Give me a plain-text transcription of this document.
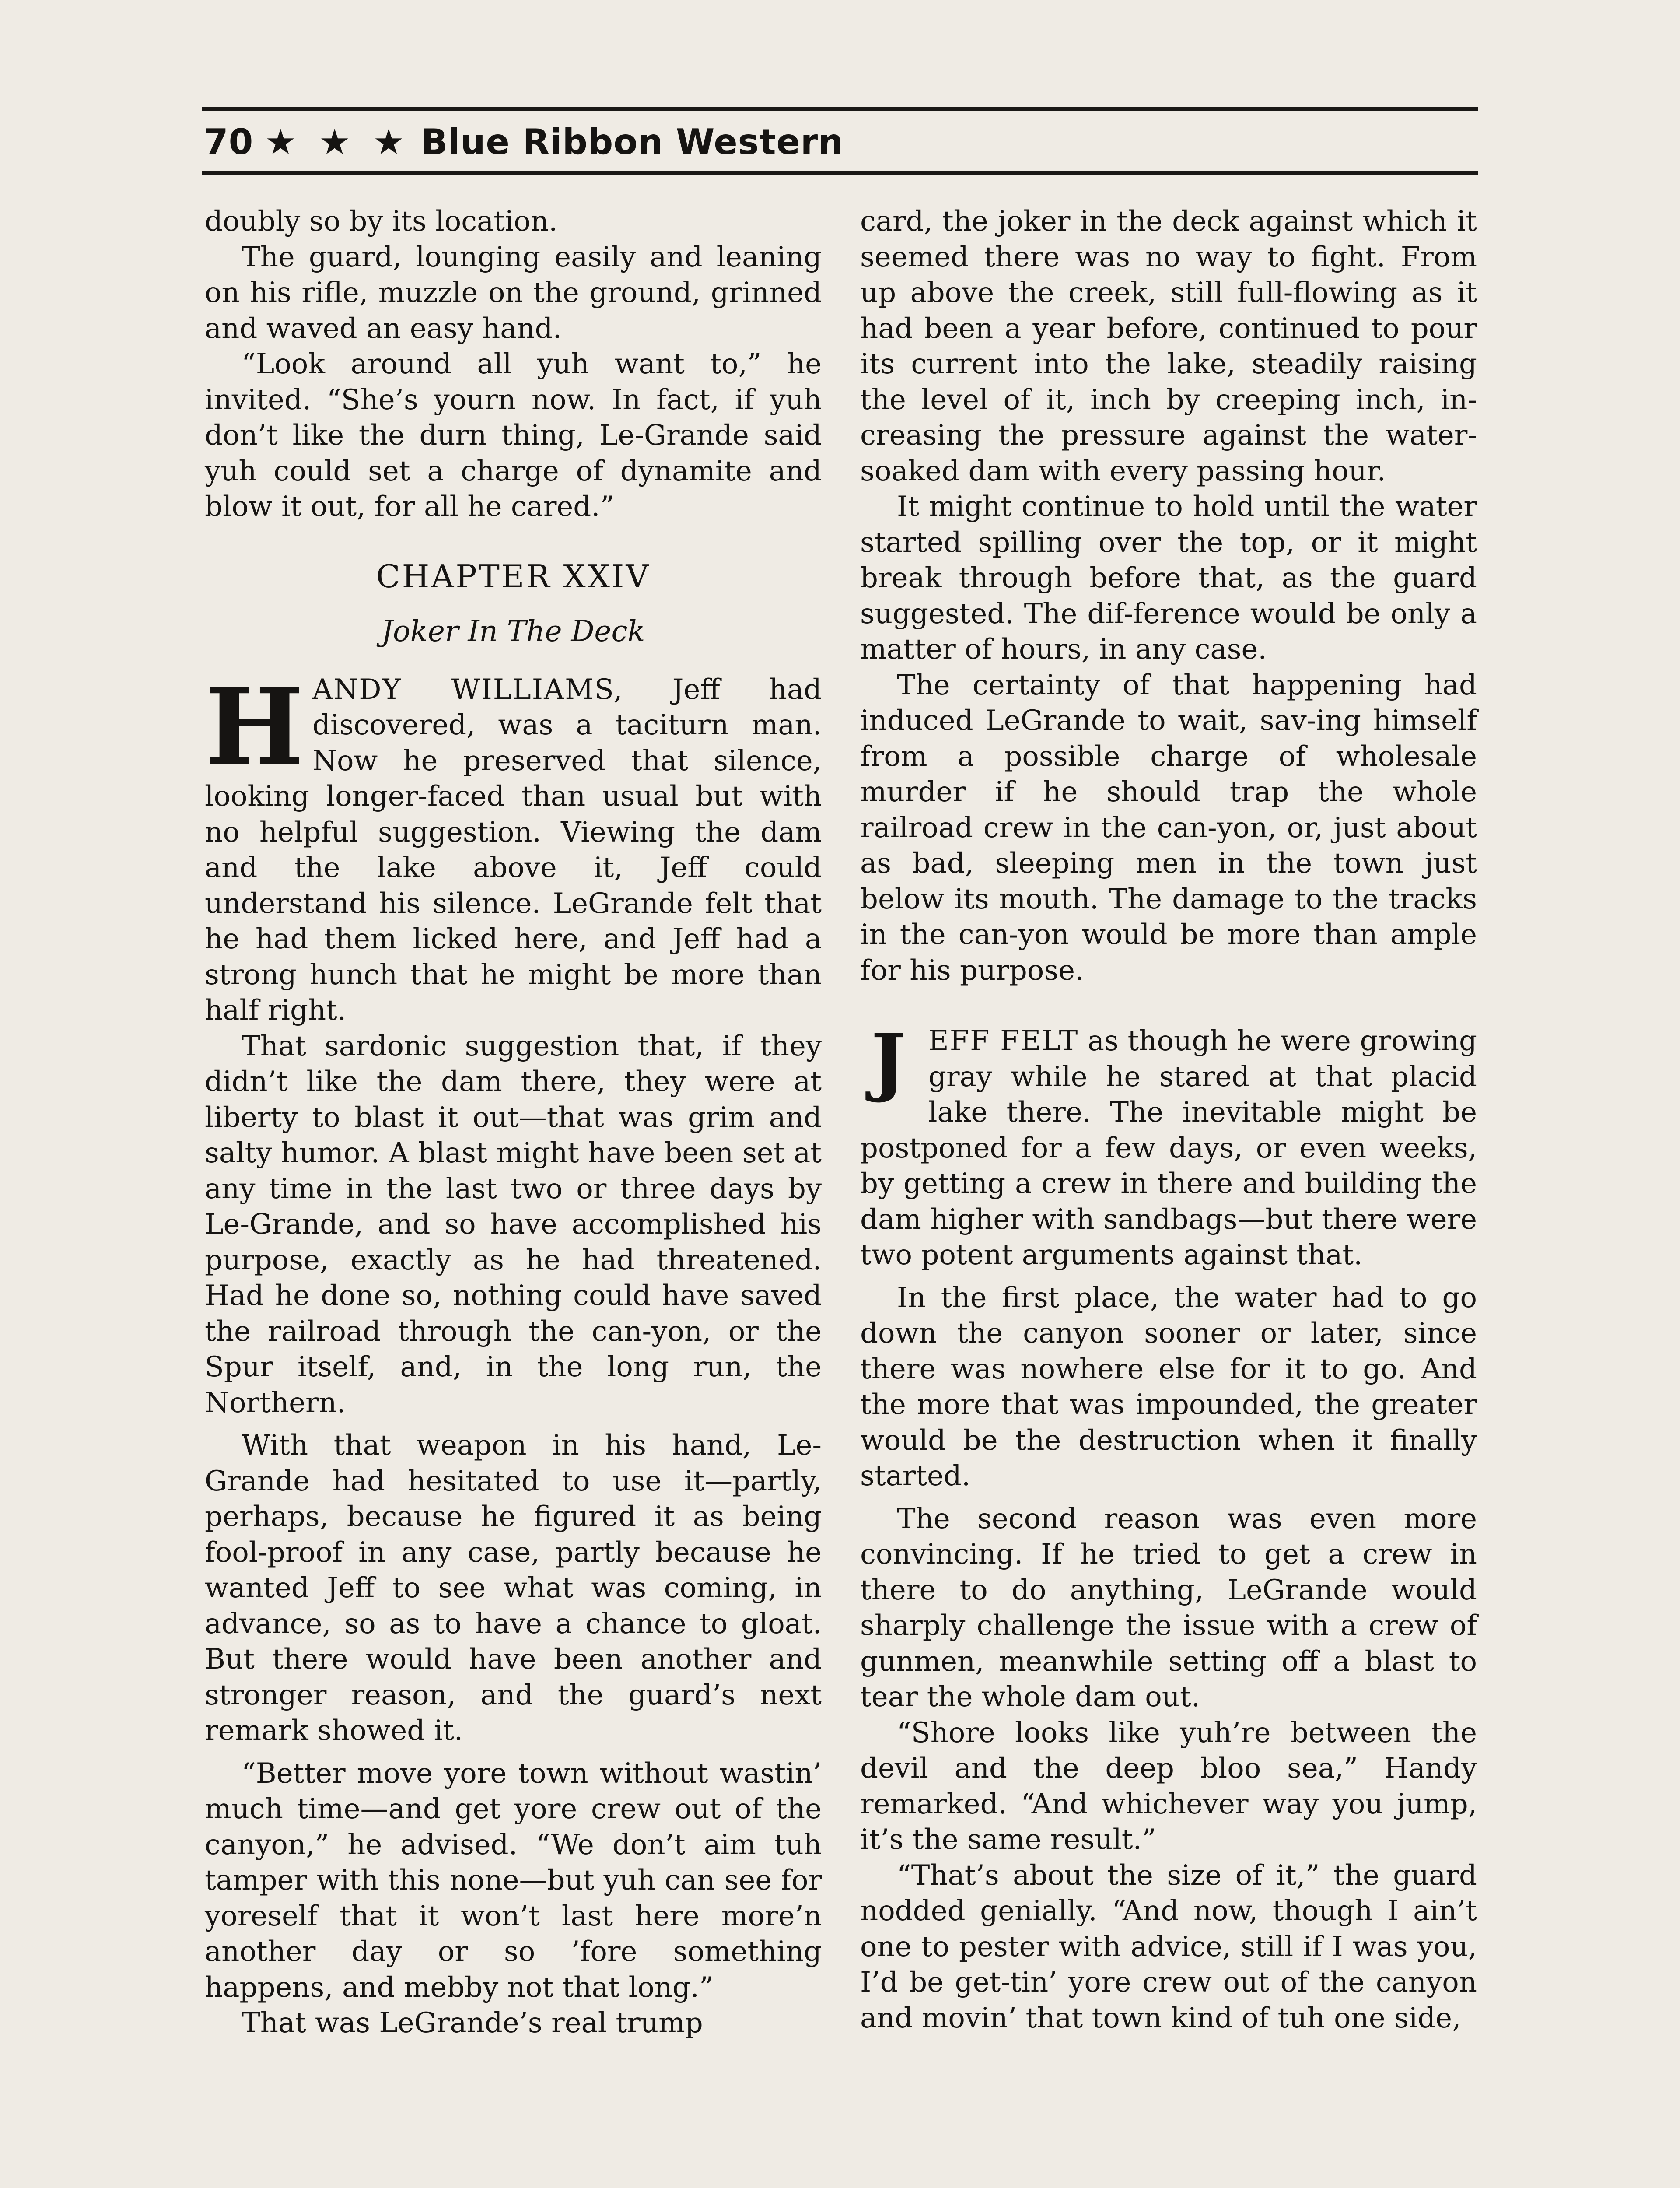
70 ★ ★ ★ Blue Ribbon Western

doubly so by its location.

The guard, lounging easily and leaning on his rifle, muzzle on the ground, grinned and waved an easy hand.

“Look around all yuh want to,” he invited. “She’s yourn now. In fact, if yuh don’t like the durn thing, Le-Grande said yuh could set a charge of dynamite and blow it out, for all he cared.”

CHAPTER XXIV
Joker In The Deck

HANDY WILLIAMS, Jeff had discovered, was a taciturn man. Now he preserved that silence, looking longer-faced than usual but with no helpful suggestion. Viewing the dam and the lake above it, Jeff could understand his silence. LeGrande felt that he had them licked here, and Jeff had a strong hunch that he might be more than half right.

That sardonic suggestion that, if they didn’t like the dam there, they were at liberty to blast it out—that was grim and salty humor. A blast might have been set at any time in the last two or three days by Le-Grande, and so have accomplished his purpose, exactly as he had threatened. Had he done so, nothing could have saved the railroad through the can-yon, or the Spur itself, and, in the long run, the Northern.

With that weapon in his hand, Le-Grande had hesitated to use it—partly, perhaps, because he figured it as being fool-proof in any case, partly because he wanted Jeff to see what was coming, in advance, so as to have a chance to gloat. But there would have been another and stronger reason, and the guard’s next remark showed it.

“Better move yore town without wastin’ much time—and get yore crew out of the canyon,” he advised. “We don’t aim tuh tamper with this none—but yuh can see for yoreself that it won’t last here more’n another day or so ’fore something happens, and mebby not that long.”

That was LeGrande’s real trump

card, the joker in the deck against which it seemed there was no way to fight. From up above the creek, still full-flowing as it had been a year before, continued to pour its current into the lake, steadily raising the level of it, inch by creeping inch, in-creasing the pressure against the water-soaked dam with every passing hour.

It might continue to hold until the water started spilling over the top, or it might break through before that, as the guard suggested. The dif-ference would be only a matter of hours, in any case.

The certainty of that happening had induced LeGrande to wait, sav-ing himself from a possible charge of wholesale murder if he should trap the whole railroad crew in the can-yon, or, just about as bad, sleeping men in the town just below its mouth. The damage to the tracks in the can-yon would be more than ample for his purpose.

JEFF FELT as though he were growing gray while he stared at that placid lake there. The inevitable might be postponed for a few days, or even weeks, by getting a crew in there and building the dam higher with sandbags—but there were two potent arguments against that.

In the first place, the water had to go down the canyon sooner or later, since there was nowhere else for it to go. And the more that was impounded, the greater would be the destruction when it finally started.

The second reason was even more convincing. If he tried to get a crew in there to do anything, LeGrande would sharply challenge the issue with a crew of gunmen, meanwhile setting off a blast to tear the whole dam out.

“Shore looks like yuh’re between the devil and the deep bloo sea,” Handy remarked. “And whichever way you jump, it’s the same result.”

“That’s about the size of it,” the guard nodded genially. “And now, though I ain’t one to pester with advice, still if I was you, I’d be get-tin’ yore crew out of the canyon and movin’ that town kind of tuh one side,
